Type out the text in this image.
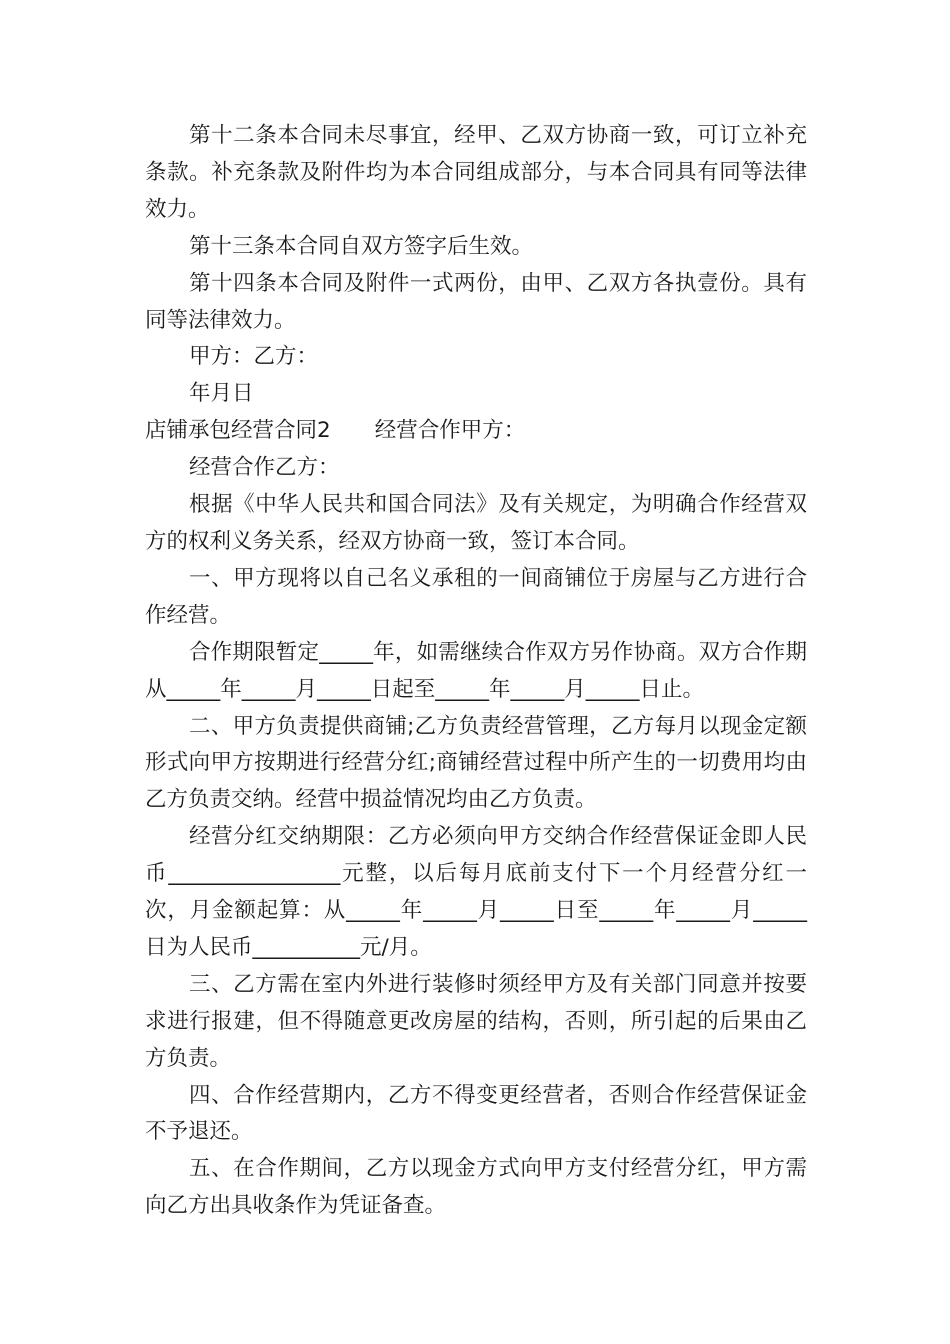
第十二条本合同未尽事宜，经甲、乙双方协商一致，可订立补充条款。补充条款及附件均为本合同组成部分，与本合同具有同等法律效力。

第十三条本合同自双方签字后生效。

第十四条本合同及附件一式两份，由甲、乙双方各执壹份。具有同等法律效力。

甲方：乙方：

年月日

店铺承包经营合同2 经营合作甲方：

经营合作乙方：

根据《中华人民共和国合同法》及有关规定，为明确合作经营双方的权利义务关系，经双方协商一致，签订本合同。

一、甲方现将以自己名义承租的一间商铺位于房屋与乙方进行合作经营。

合作期限暂定_____年，如需继续合作双方另作协商。双方合作期从_____年_____月_____日起至_____年_____月_____日止。

二、甲方负责提供商铺;乙方负责经营管理，乙方每月以现金定额形式向甲方按期进行经营分红;商铺经营过程中所产生的一切费用均由乙方负责交纳。经营中损益情况均由乙方负责。

经营分红交纳期限：乙方必须向甲方交纳合作经营保证金即人民币________________元整，以后每月底前支付下一个月经营分红一次，月金额起算：从_____年_____月_____日至_____年_____月_____日为人民币__________元/月。

三、乙方需在室内外进行装修时须经甲方及有关部门同意并按要求进行报建，但不得随意更改房屋的结构，否则，所引起的后果由乙方负责。

四、合作经营期内，乙方不得变更经营者，否则合作经营保证金不予退还。

五、在合作期间，乙方以现金方式向甲方支付经营分红，甲方需向乙方出具收条作为凭证备查。
